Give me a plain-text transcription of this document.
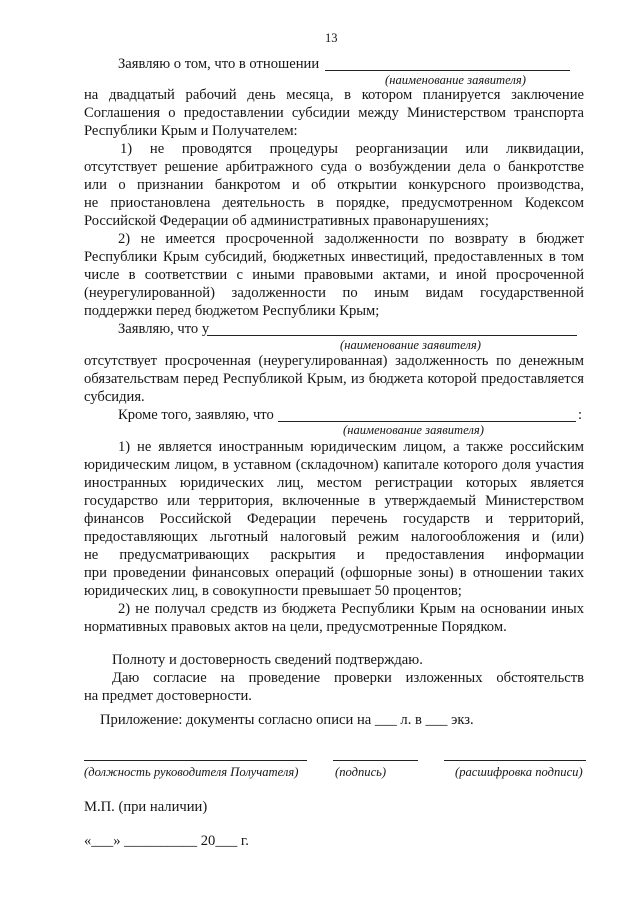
13
Заявляю о том, что в отношении
(наименование заявителя)
на двадцатый рабочий день месяца, в котором планируется заключение
Соглашения о предоставлении субсидии между Министерством транспорта
Республики Крым и Получателем:
1) не проводятся процедуры реорганизации или ликвидации,
отсутствует решение арбитражного суда о возбуждении дела о банкротстве
или о признании банкротом и об открытии конкурсного производства,
не приостановлена деятельность в порядке, предусмотренном Кодексом
Российской Федерации об административных правонарушениях;
2) не имеется просроченной задолженности по возврату в бюджет
Республики Крым субсидий, бюджетных инвестиций, предоставленных в том
числе в соответствии с иными правовыми актами, и иной просроченной
(неурегулированной) задолженности по иным видам государственной
поддержки перед бюджетом Республики Крым;
Заявляю, что у
(наименование заявителя)
отсутствует просроченная (неурегулированная) задолженность по денежным
обязательствам перед Республикой Крым, из бюджета которой предоставляется
субсидия.
Кроме того, заявляю, что	:
(наименование заявителя)
1) не является иностранным юридическим лицом, а также российским
юридическим лицом, в уставном (складочном) капитале которого доля участия
иностранных юридических лиц, местом регистрации которых является
государство или территория, включенные в утверждаемый Министерством
финансов Российской Федерации перечень государств и территорий,
предоставляющих льготный налоговый режим налогообложения и (или)
не предусматривающих раскрытия и предоставления информации
при проведении финансовых операций (офшорные зоны) в отношении таких
юридических лиц, в совокупности превышает 50 процентов;
2) не получал средств из бюджета Республики Крым на основании иных
нормативных правовых актов на цели, предусмотренные Порядком.
Полноту и достоверность сведений подтверждаю.
Даю согласие на проведение проверки изложенных обстоятельств
на предмет достоверности.
Приложение: документы согласно описи на ___ л. в ___ экз.
(должность руководителя Получателя)	(подпись)	(расшифровка подписи)
М.П. (при наличии)
«___» __________ 20___ г.
